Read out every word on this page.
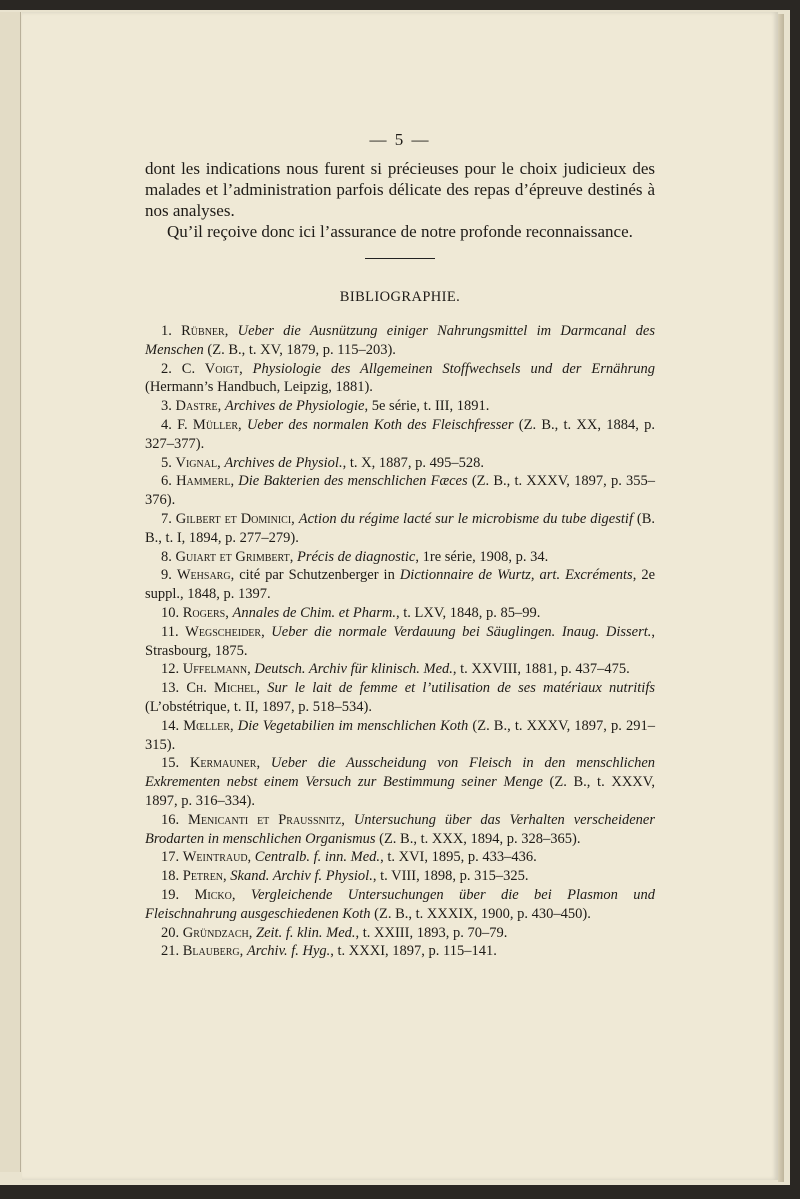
— 5 —

dont les indications nous furent si précieuses pour le choix judicieux des malades et l’administration parfois délicate des repas d’épreuve destinés à nos analyses.

Qu’il reçoive donc ici l’assurance de notre profonde reconnaissance.

BIBLIOGRAPHIE.
1. Rübner, Ueber die Ausnützung einiger Nahrungsmittel im Darmcanal des Menschen (Z. B., t. XV, 1879, p. 115–203).
2. C. Voigt, Physiologie des Allgemeinen Stoffwechsels und der Ernährung (Hermann’s Handbuch, Leipzig, 1881).
3. Dastre, Archives de Physiologie, 5e série, t. III, 1891.
4. F. Müller, Ueber des normalen Koth des Fleischfresser (Z. B., t. XX, 1884, p. 327–377).
5. Vignal, Archives de Physiol., t. X, 1887, p. 495–528.
6. Hammerl, Die Bakterien des menschlichen Fæces (Z. B., t. XXXV, 1897, p. 355–376).
7. Gilbert et Dominici, Action du régime lacté sur le microbisme du tube digestif (B. B., t. I, 1894, p. 277–279).
8. Guiart et Grimbert, Précis de diagnostic, 1re série, 1908, p. 34.
9. Wehsarg, cité par Schutzenberger in Dictionnaire de Wurtz, art. Excréments, 2e suppl., 1848, p. 1397.
10. Rogers, Annales de Chim. et Pharm., t. LXV, 1848, p. 85–99.
11. Wegscheider, Ueber die normale Verdauung bei Säuglingen. Inaug. Dissert., Strasbourg, 1875.
12. Uffelmann, Deutsch. Archiv für klinisch. Med., t. XXVIII, 1881, p. 437–475.
13. Ch. Michel, Sur le lait de femme et l’utilisation de ses matériaux nutritifs (L’obstétrique, t. II, 1897, p. 518–534).
14. Mœller, Die Vegetabilien im menschlichen Koth (Z. B., t. XXXV, 1897, p. 291–315).
15. Kermauner, Ueber die Ausscheidung von Fleisch in den menschlichen Exkrementen nebst einem Versuch zur Bestimmung seiner Menge (Z. B., t. XXXV, 1897, p. 316–334).
16. Menicanti et Praussnitz, Untersuchung über das Verhalten verscheidener Brodarten in menschlichen Organismus (Z. B., t. XXX, 1894, p. 328–365).
17. Weintraud, Centralb. f. inn. Med., t. XVI, 1895, p. 433–436.
18. Petren, Skand. Archiv f. Physiol., t. VIII, 1898, p. 315–325.
19. Micko, Vergleichende Untersuchungen über die bei Plasmon und Fleischnahrung ausgeschiedenen Koth (Z. B., t. XXXIX, 1900, p. 430–450).
20. Gründzach, Zeit. f. klin. Med., t. XXIII, 1893, p. 70–79.
21. Blauberg, Archiv. f. Hyg., t. XXXI, 1897, p. 115–141.
